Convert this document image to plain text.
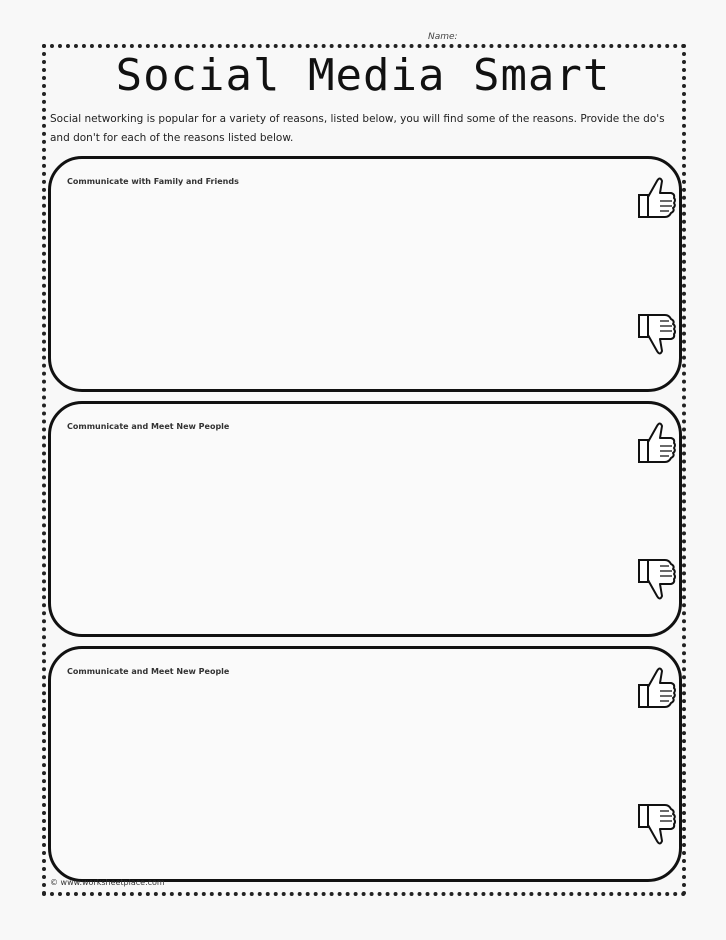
Name:
Social Media Smart
Social networking is popular for a variety of reasons, listed below, you will find some of the reasons. Provide the do's and don't for each of the reasons listed below.
Communicate with Family and Friends
Communicate and Meet New People
Communicate and Meet New People
© www.worksheetplace.com
